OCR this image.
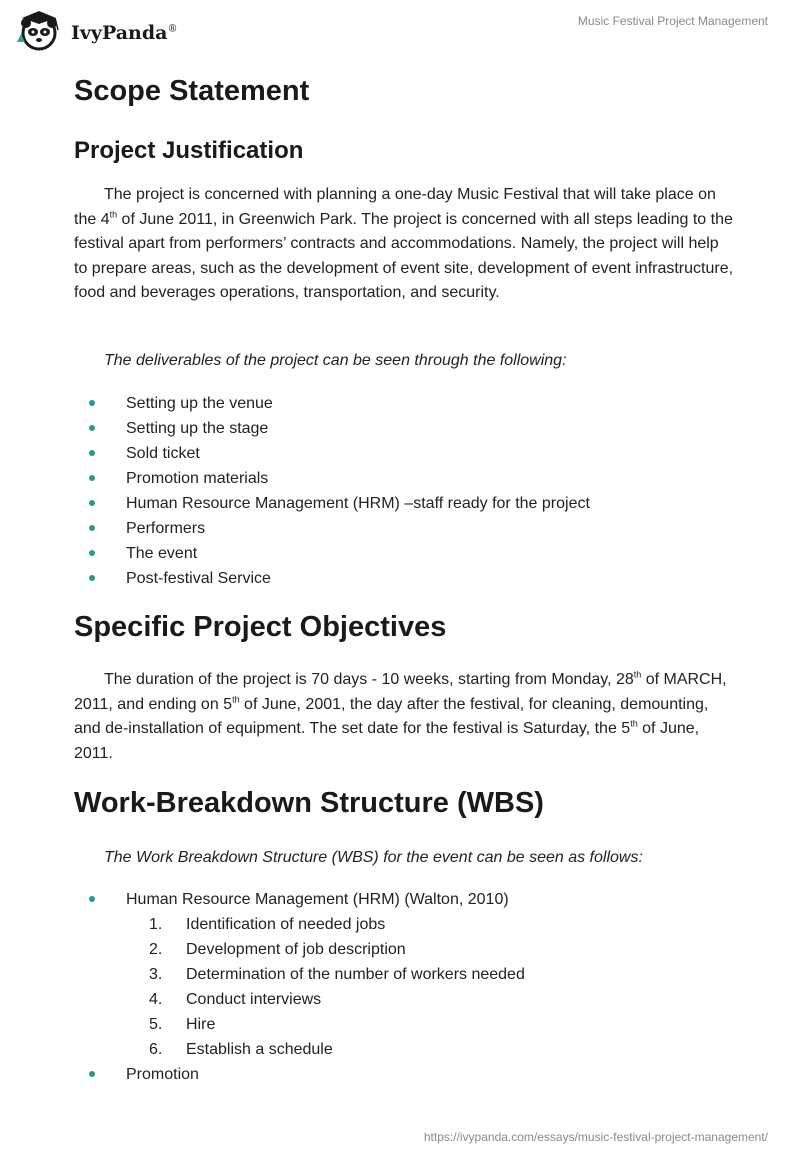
IvyPanda®
Music Festival Project Management
Scope Statement
Project Justification

The project is concerned with planning a one-day Music Festival that will take place on the 4th of June 2011, in Greenwich Park. The project is concerned with all steps leading to the festival apart from performers’ contracts and accommodations. Namely, the project will help to prepare areas, such as the development of event site, development of event infrastructure, food and beverages operations, transportation, and security.

The deliverables of the project can be seen through the following:

Setting up the venue
Setting up the stage
Sold ticket
Promotion materials
Human Resource Management (HRM) –staff ready for the project
Performers
The event
Post-festival Service
Specific Project Objectives

The duration of the project is 70 days - 10 weeks, starting from Monday, 28th of MARCH, 2011, and ending on 5th of June, 2001, the day after the festival, for cleaning, demounting, and de-installation of equipment. The set date for the festival is Saturday, the 5th of June, 2011.

Work-Breakdown Structure (WBS)

The Work Breakdown Structure (WBS) for the event can be seen as follows:

Human Resource Management (HRM) (Walton, 2010)
1. Identification of needed jobs
2. Development of job description
3. Determination of the number of workers needed
4. Conduct interviews
5. Hire
6. Establish a schedule
Promotion
https://ivypanda.com/essays/music-festival-project-management/
